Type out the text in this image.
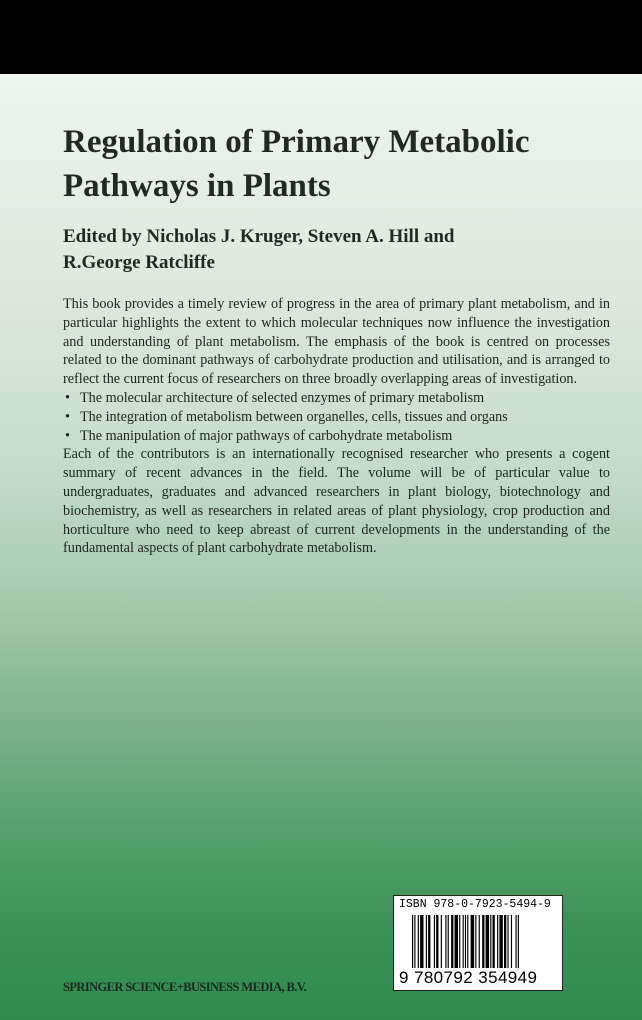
Regulation of Primary Metabolic
Pathways in Plants
Edited by Nicholas J. Kruger, Steven A. Hill and
R.George Ratcliffe

This book provides a timely review of progress in the area of primary plant metabolism, and in particular highlights the extent to which molecular techniques now influence the investigation and understanding of plant metabolism. The emphasis of the book is centred on processes related to the dominant pathways of carbohydrate production and utilisation, and is arranged to reflect the current focus of researchers on three broadly overlapping areas of investigation.

• The molecular architecture of selected enzymes of primary metabolism
• The integration of metabolism between organelles, cells, tissues and organs
• The manipulation of major pathways of carbohydrate metabolism

Each of the contributors is an internationally recognised researcher who presents a cogent summary of recent advances in the field. The volume will be of particular value to undergraduates, graduates and advanced researchers in plant biology, biotechnology and biochemistry, as well as researchers in related areas of plant physiology, crop production and horticulture who need to keep abreast of current developments in the understanding of the fundamental aspects of plant carbohydrate metabolism.

SPRINGER SCIENCE+BUSINESS MEDIA, B.V.
ISBN 978-0-7923-5494-9
9 780792 354949
